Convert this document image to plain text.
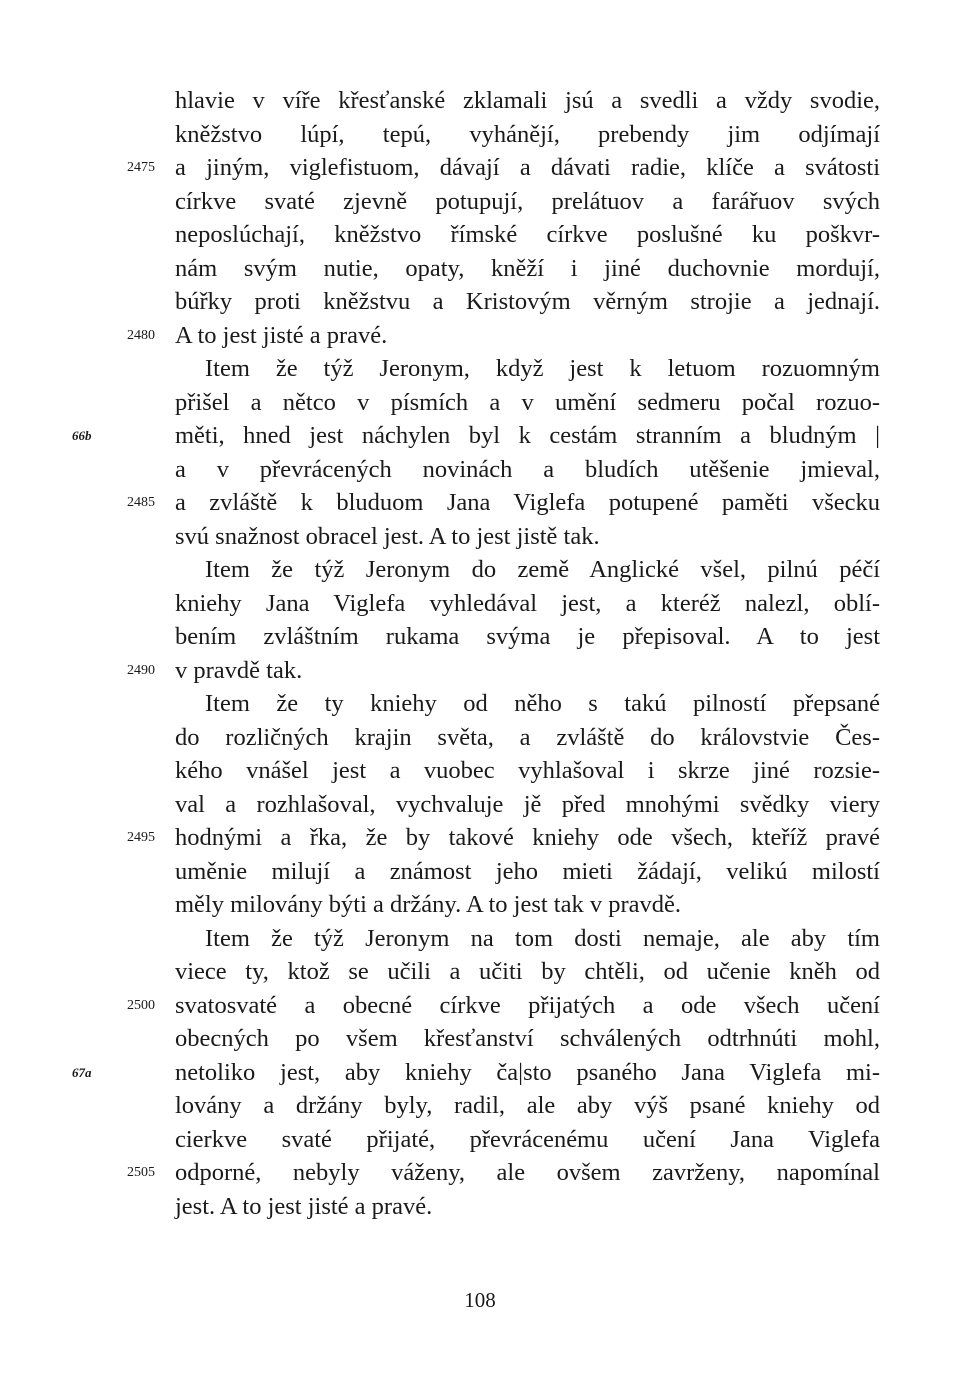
hlavie v víře křesťanské zklamali jsú a svedli a vždy svodie,
kněžstvo lúpí, tepú, vyhánějí, prebendy jim odjímají
2475 a jiným, viglefistuom, dávají a dávati radie, klíče a svátosti
církve svaté zjevně potupují, prelátuov a farářuov svých
neposlúchají, kněžstvo římské církve poslušné ku poškvr-
nám svým nutie, opaty, kněží i jiné duchovnie mordují,
búřky proti kněžstvu a Kristovým věrným strojie a jednají.
2480 A to jest jisté a pravé.
Item že týž Jeronym, když jest k letuom rozuomným
přišel a nětco v písmích a v umění sedmeru počal rozuo-
66b	měti, hned jest náchylen byl k cestám stranním a bludným |
a v převrácených novinách a bludích utěšenie jmieval,
2485 a zvláště k bluduom Jana Viglefa potupené paměti všecku
svú snažnost obracel jest. A to jest jistě tak.
Item že týž Jeronym do země Anglické všel, pilnú péčí
kniehy Jana Viglefa vyhledával jest, a kteréž nalezl, oblí-
bením zvláštním rukama svýma je přepisoval. A to jest
2490 v pravdě tak.
Item že ty kniehy od něho s takú pilností přepsané
do rozličných krajin světa, a zvláště do královstvie Čes-
kého vnášel jest a vuobec vyhlašoval i skrze jiné rozsie-
val a rozhlašoval, vychvaluje jě před mnohými svědky viery
2495 hodnými a řka, že by takové kniehy ode všech, kteříž pravé
uměnie milují a známost jeho mieti žádají, velikú milostí
měly milovány býti a držány. A to jest tak v pravdě.
Item že týž Jeronym na tom dosti nemaje, ale aby tím
viece ty, ktož se učili a učiti by chtěli, od učenie kněh od
2500 svatosvaté a obecné církve přijatých a ode všech učení
obecných po všem křesťanství schválených odtrhnúti mohl,
67a	netoliko jest, aby kniehy ča|sto psaného Jana Viglefa mi-
lovány a držány byly, radil, ale aby výš psané kniehy od
cierkve svaté přijaté, převrácenému učení Jana Viglefa
2505 odporné, nebyly váženy, ale ovšem zavrženy, napomínal
jest. A to jest jisté a pravé.
108
